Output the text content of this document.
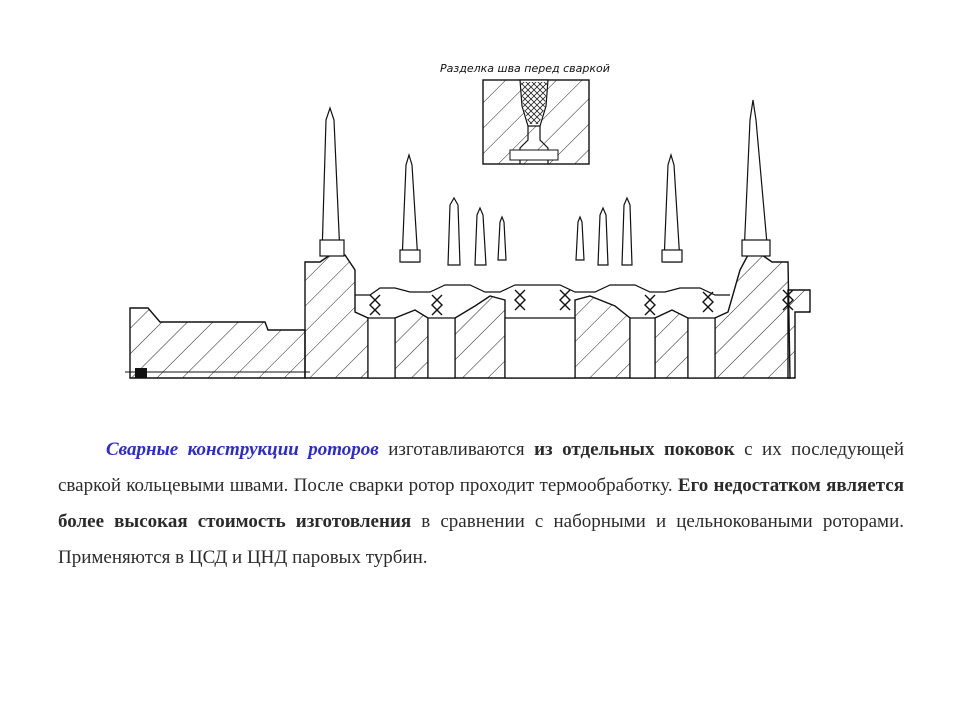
Разделка шва перед сваркой
Сварные конструкции роторов изготавливаются из отдельных поковок с их последующей сваркой кольцевыми швами. После сварки ротор проходит термообработку. Его недостатком является более высокая стоимость изготовления в сравнении с наборными и цельноковаными роторами. Применяются в ЦСД и ЦНД паровых турбин.
